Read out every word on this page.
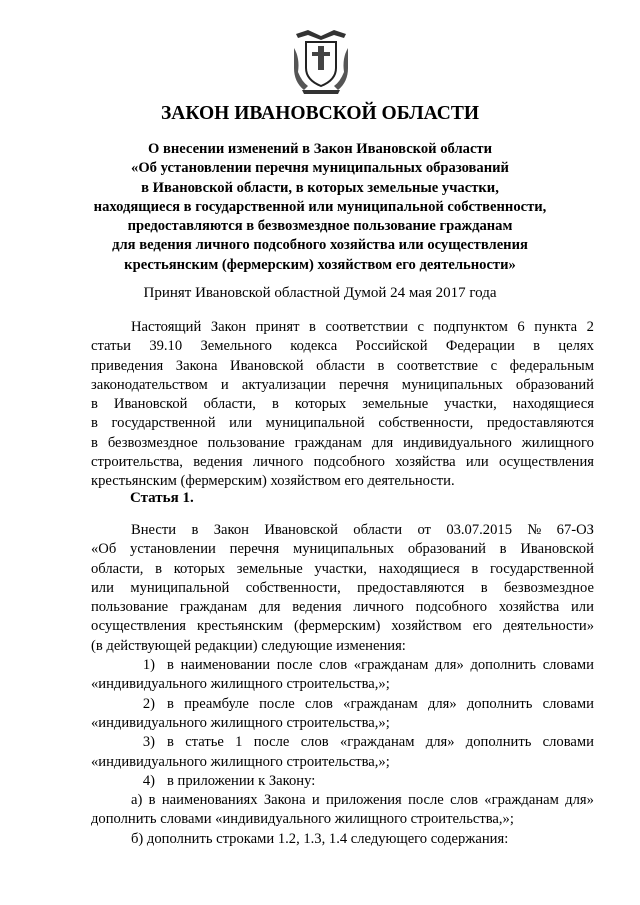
ЗАКОН ИВАНОВСКОЙ ОБЛАСТИ
О внесении изменений в Закон Ивановской области
«Об установлении перечня муниципальных образований
в Ивановской области, в которых земельные участки,
находящиеся в государственной или муниципальной собственности,
предоставляются в безвозмездное пользование гражданам
для ведения личного подсобного хозяйства или осуществления
крестьянским (фермерским) хозяйством его деятельности»
Принят Ивановской областной Думой 24 мая 2017 года
Настоящий Закон принят в соответствии с подпунктом 6 пункта 2
статьи 39.10 Земельного кодекса Российской Федерации в целях
приведения Закона Ивановской области в соответствие с федеральным
законодательством и актуализации перечня муниципальных образований
в Ивановской области, в которых земельные участки, находящиеся
в государственной или муниципальной собственности, предоставляются
в безвозмездное пользование гражданам для индивидуального жилищного
строительства, ведения личного подсобного хозяйства или осуществления
крестьянским (фермерским) хозяйством его деятельности.
Статья 1.
Внести в Закон Ивановской области от 03.07.2015 № 67-ОЗ
«Об установлении перечня муниципальных образований в Ивановской
области, в которых земельные участки, находящиеся в государственной
или муниципальной собственности, предоставляются в безвозмездное
пользование гражданам для ведения личного подсобного хозяйства или
осуществления крестьянским (фермерским) хозяйством его деятельности»
(в действующей редакции) следующие изменения:
1) в наименовании после слов «гражданам для» дополнить словами
«индивидуального жилищного строительства,»;
2) в преамбуле после слов «гражданам для» дополнить словами
«индивидуального жилищного строительства,»;
3) в статье 1 после слов «гражданам для» дополнить словами
«индивидуального жилищного строительства,»;
4) в приложении к Закону:
а) в наименованиях Закона и приложения после слов «гражданам для»
дополнить словами «индивидуального жилищного строительства,»;
б) дополнить строками 1.2, 1.3, 1.4 следующего содержания:
